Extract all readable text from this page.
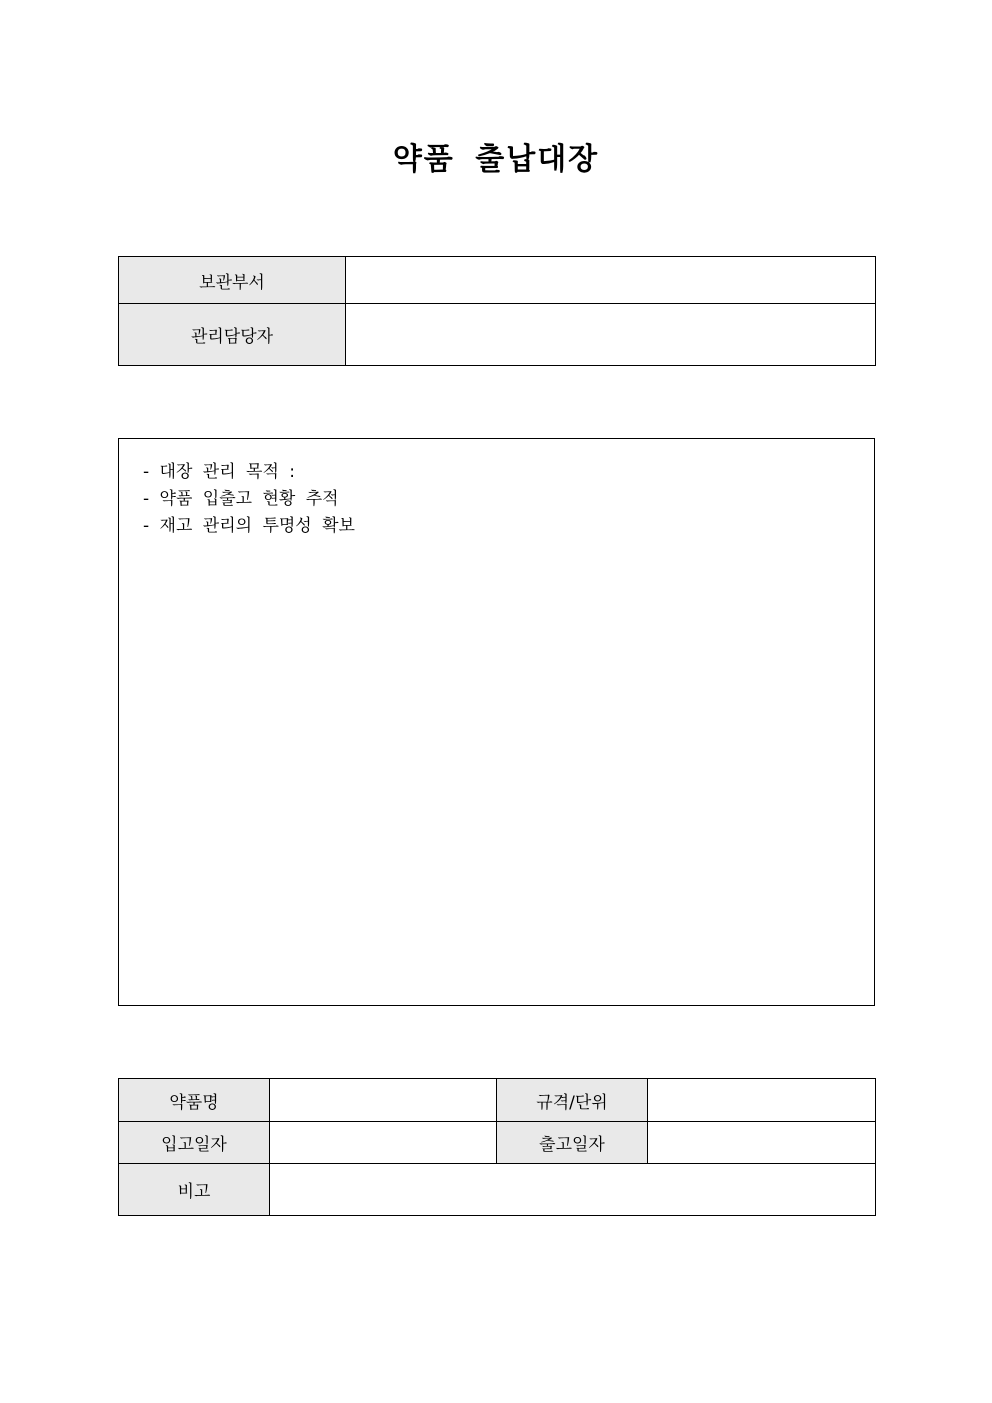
약품 출납대장
보관부서	
관리담당자	
- 대장 관리 목적 :
- 약품 입출고 현황 추적
- 재고 관리의 투명성 확보
약품명		규격/단위	
입고일자		출고일자	
비고			
